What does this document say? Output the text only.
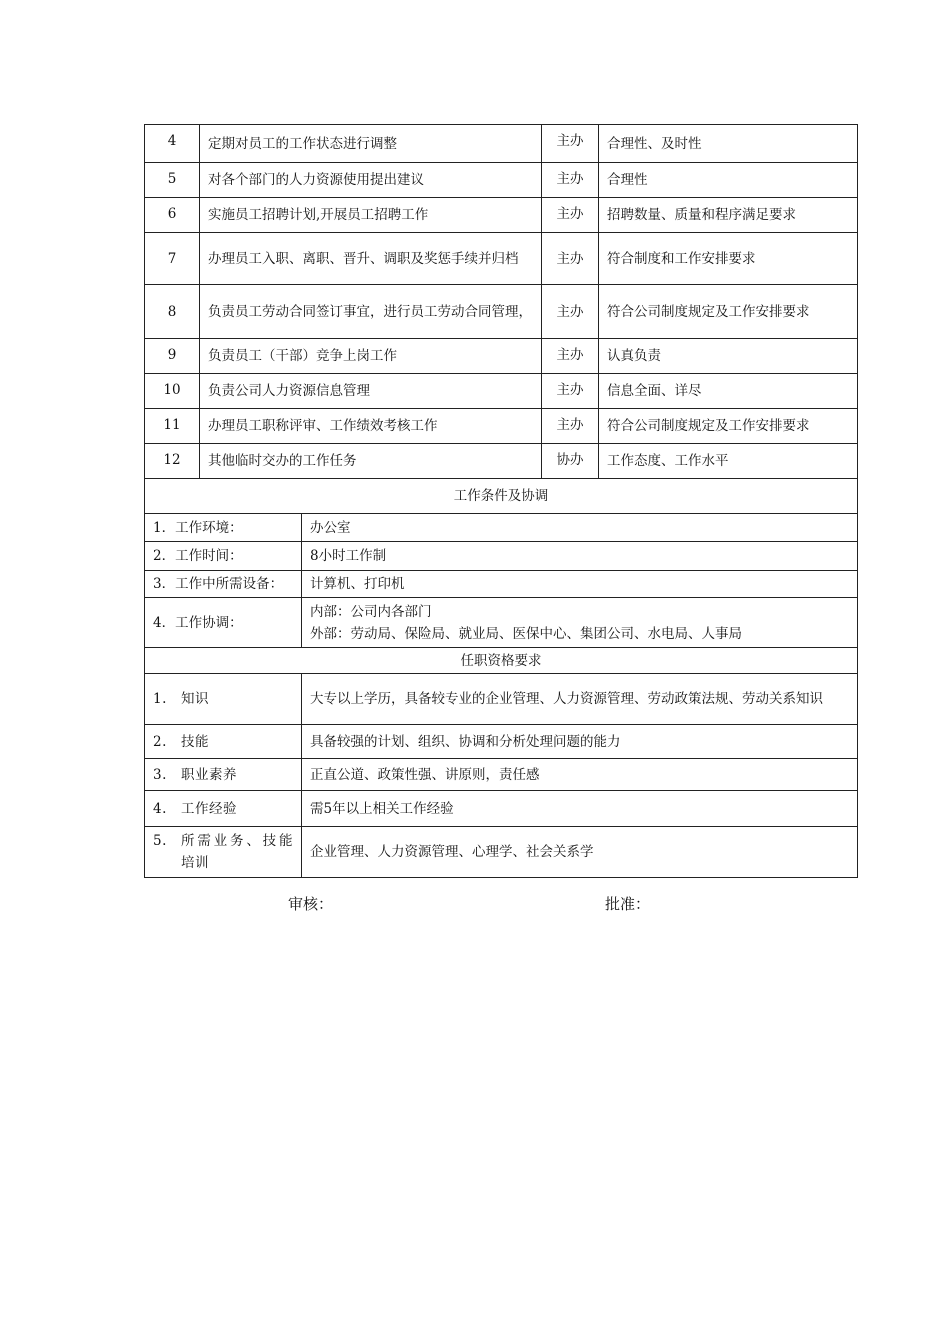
4	定期对员工的工作状态进行调整	主办	合理性、及时性
5	对各个部门的人力资源使用提出建议	主办	合理性
6	实施员工招聘计划,开展员工招聘工作	主办	招聘数量、质量和程序满足要求
7	办理员工入职、离职、晋升、调职及奖惩手续并归档	主办	符合制度和工作安排要求
8	负责员工劳动合同签订事宜，进行员工劳动合同管理，	主办	符合公司制度规定及工作安排要求
9	负责员工（干部）竞争上岗工作	主办	认真负责
10	负责公司人力资源信息管理	主办	信息全面、详尽
11	办理员工职称评审、工作绩效考核工作	主办	符合公司制度规定及工作安排要求
12	其他临时交办的工作任务	协办	工作态度、工作水平
工作条件及协调			
1．工作环境：	办公室
2．工作时间：	8小时工作制
3．工作中所需设备：	计算机、打印机
4．工作协调：	内部：公司内各部门
外部：劳动局、保险局、就业局、医保中心、集团公司、水电局、人事局

任职资格要求	
1. 知识	大专以上学历，具备较专业的企业管理、人力资源管理、劳动政策法规、劳动关系知识
2. 技能	具备较强的计划、组织、协调和分析处理问题的能力
3. 职业素养	正直公道、政策性强、讲原则，责任感
4. 工作经验	需5年以上相关工作经验

5. 所需业务、技能
培训	企业管理、人力资源管理、心理学、社会关系学
审核：	批准：
